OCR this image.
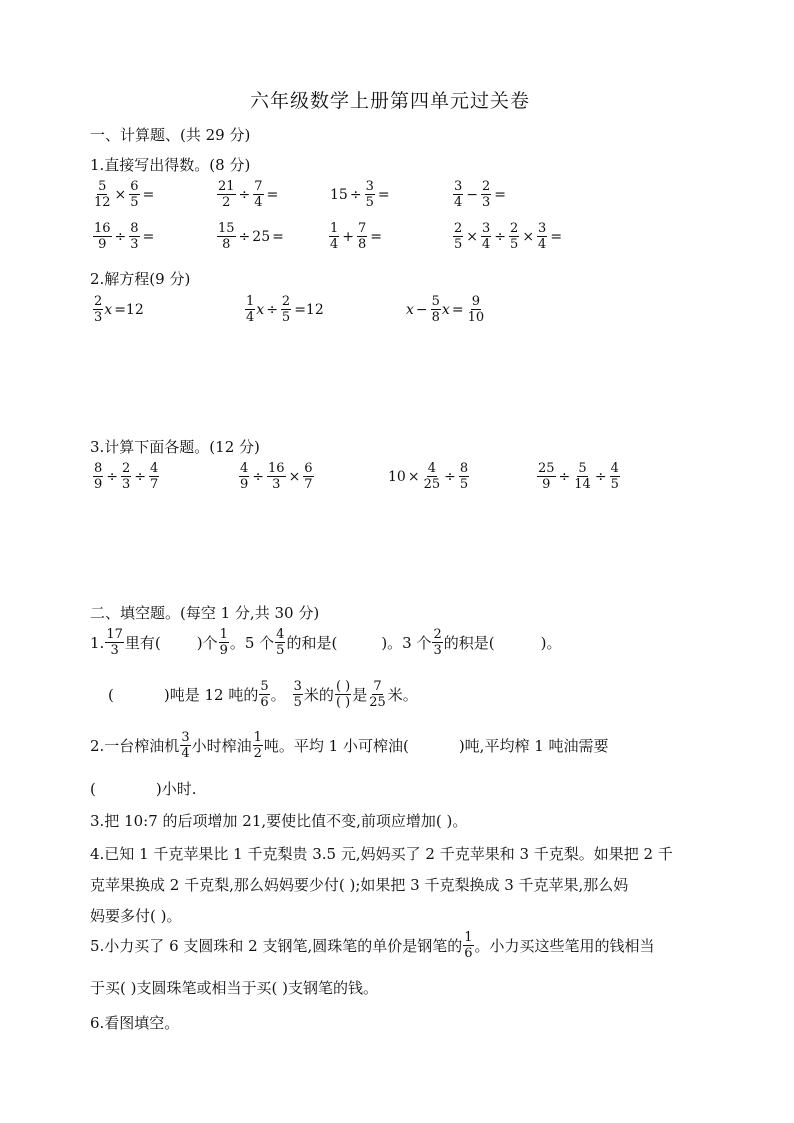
六年级数学上册第四单元过关卷
一、计算题、(共 29 分)
1.直接写出得数。(8 分)
$\frac{5}{12} \times \frac{6}{5}$ =	$\frac{21}{2} \div \frac{7}{4}$ =	$15 \div \frac{3}{5}$ =	$\frac{3}{4} - \frac{2}{3}$ =
$\frac{16}{9} \div \frac{8}{3}$ =	$\frac{15}{8} \div 25$ =	$\frac{1}{4} + \frac{7}{8}$ =	$\frac{2}{5} \times \frac{3}{4} \div \frac{2}{5} \times \frac{3}{4}$ =
2.解方程(9 分)
$\frac{2}{3}$ x =12	$\frac{1}{4}$ $x \div \frac{2}{5} =12$	$x - \frac{5}{8}$ $x = \frac{9}{10}$
3.计算下面各题。(12 分)
$\frac{8}{9} \div \frac{2}{3} \div \frac{4}{7}$	$\frac{4}{9} \div \frac{16}{3} \times \frac{6}{7}$	$10 \times \frac{4}{25} \div \frac{8}{5}$	$\frac{25}{9} \div \frac{5}{14} \div \frac{4}{5}$
二、填空题。(每空 1 分,共 30 分)
1. $\frac{17}{3}$ 里有( )个 $\frac{1}{9}$ 。5 个 $\frac{4}{5}$ 的和是(	)。3 个 $\frac{2}{3}$ 的积是(	)。
(	)吨是 12 吨的 $\frac{5}{6}$ 。 $\frac{3}{5}$ 米的 $\frac{( )}{( )}$ 是 $\frac{7}{25}$ 米。
2.一台榨油机 $\frac{3}{4}$ 小时榨油 $\frac{1}{2}$ 吨。平均 1 小可榨油(	)吨,平均榨 1 吨油需要
(	)小时.
3.把 10:7 的后项增加 21,要使比值不变,前项应增加( )。
4.已知 1 千克苹果比 1 千克梨贵 3.5 元,妈妈买了 2 千克苹果和 3 千克梨。如果把 2 千
克苹果换成 2 千克梨,那么妈妈要少付( );如果把 3 千克梨换成 3 千克苹果,那么妈
妈要多付( )。
5.小力买了 6 支圆珠和 2 支钢笔,圆珠笔的单价是钢笔的 $\frac{1}{6}$ 。小力买这些笔用的钱相当
于买( )支圆珠笔或相当于买( )支钢笔的钱。
6.看图填空。
